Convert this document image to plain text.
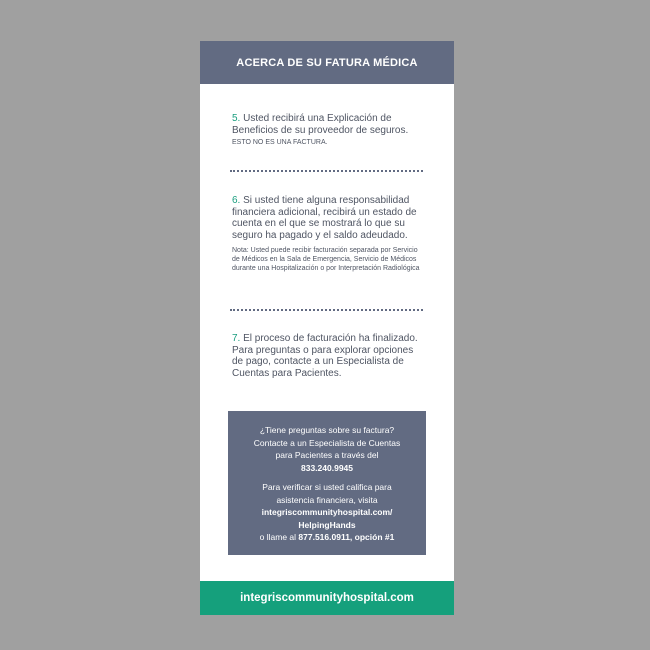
ACERCA DE SU FATURA MÉDICA

5. Usted recibirá una Explicación de Beneficios de su proveedor de seguros.

ESTO NO ES UNA FACTURA.

6. Si usted tiene alguna responsabilidad financiera adicional, recibirá un estado de cuenta en el que se mostrará lo que su seguro ha pagado y el saldo adeudado.

Nota: Usted puede recibir facturación separada por Servicio de Médicos en la Sala de Emergencia, Servicio de Médicos durante una Hospitalización o por Interpretación Radiológica

7. El proceso de facturación ha finalizado. Para preguntas o para explorar opciones de pago, contacte a un Especialista de Cuentas para Pacientes.

¿Tiene preguntas sobre su factura?

Contacte a un Especialista de Cuentas

para Pacientes a través del

833.240.9945

Para verificar si usted califica para

asistencia financiera, visita

integriscommunityhospital.com/

HelpingHands

o llame al 877.516.0911, opción #1

integriscommunityhospital.com
